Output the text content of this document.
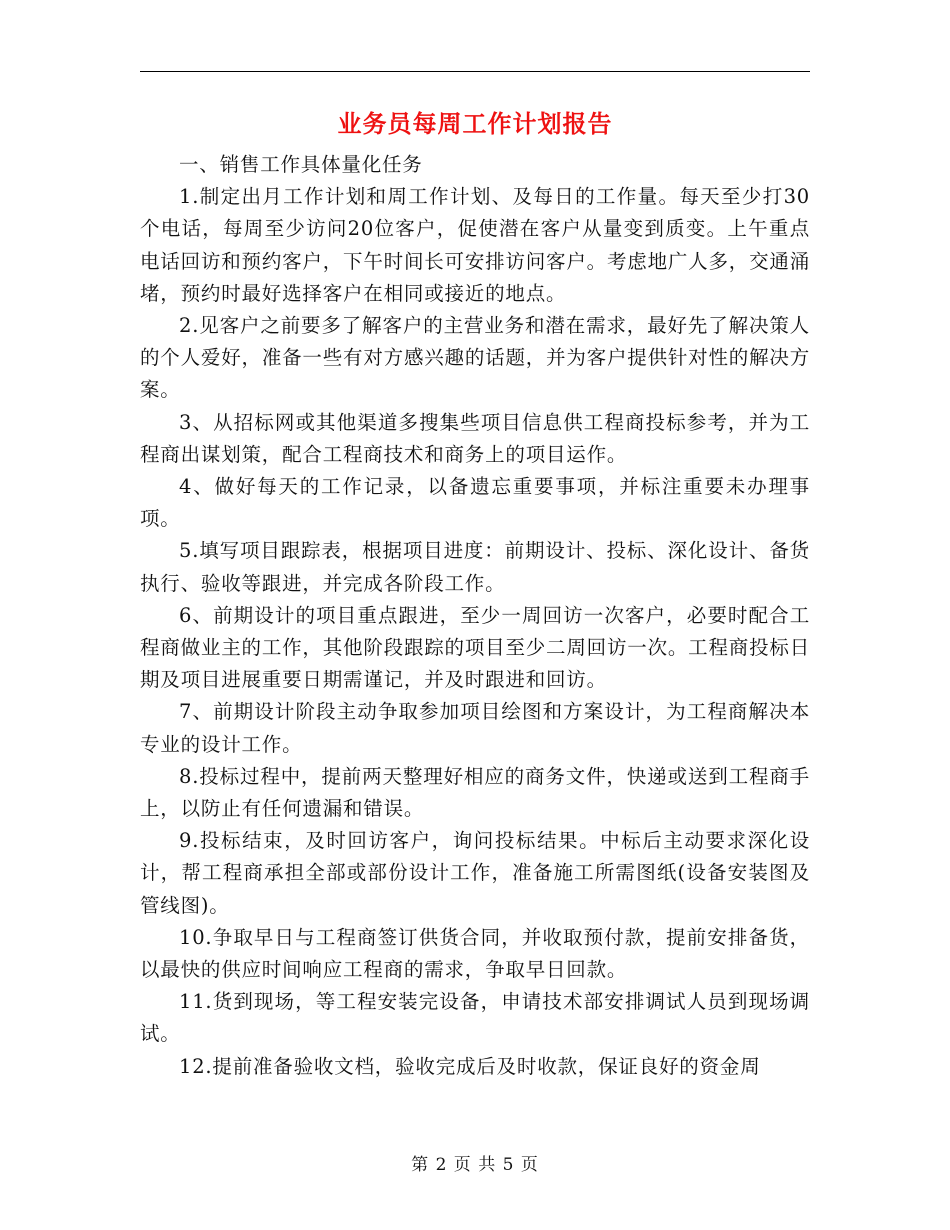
业务员每周工作计划报告

一、销售工作具体量化任务

1.制定出月工作计划和周工作计划、及每日的工作量。每天至少打30个电话，每周至少访问20位客户，促使潜在客户从量变到质变。上午重点电话回访和预约客户，下午时间长可安排访问客户。考虑地广人多，交通涌堵，预约时最好选择客户在相同或接近的地点。

2.见客户之前要多了解客户的主营业务和潜在需求，最好先了解决策人的个人爱好，准备一些有对方感兴趣的话题，并为客户提供针对性的解决方案。

3、从招标网或其他渠道多搜集些项目信息供工程商投标参考，并为工程商出谋划策，配合工程商技术和商务上的项目运作。

4、做好每天的工作记录，以备遗忘重要事项，并标注重要未办理事项。

5.填写项目跟踪表，根据项目进度：前期设计、投标、深化设计、备货执行、验收等跟进，并完成各阶段工作。

6、前期设计的项目重点跟进，至少一周回访一次客户，必要时配合工程商做业主的工作，其他阶段跟踪的项目至少二周回访一次。工程商投标日期及项目进展重要日期需谨记，并及时跟进和回访。

7、前期设计阶段主动争取参加项目绘图和方案设计，为工程商解决本专业的设计工作。

8.投标过程中，提前两天整理好相应的商务文件，快递或送到工程商手上，以防止有任何遗漏和错误。

9.投标结束，及时回访客户，询问投标结果。中标后主动要求深化设计，帮工程商承担全部或部份设计工作，准备施工所需图纸(设备安装图及管线图)。

10.争取早日与工程商签订供货合同，并收取预付款，提前安排备货，以最快的供应时间响应工程商的需求，争取早日回款。

11.货到现场，等工程安装完设备，申请技术部安排调试人员到现场调试。

12.提前准备验收文档，验收完成后及时收款，保证良好的资金周

第 2 页 共 5 页
